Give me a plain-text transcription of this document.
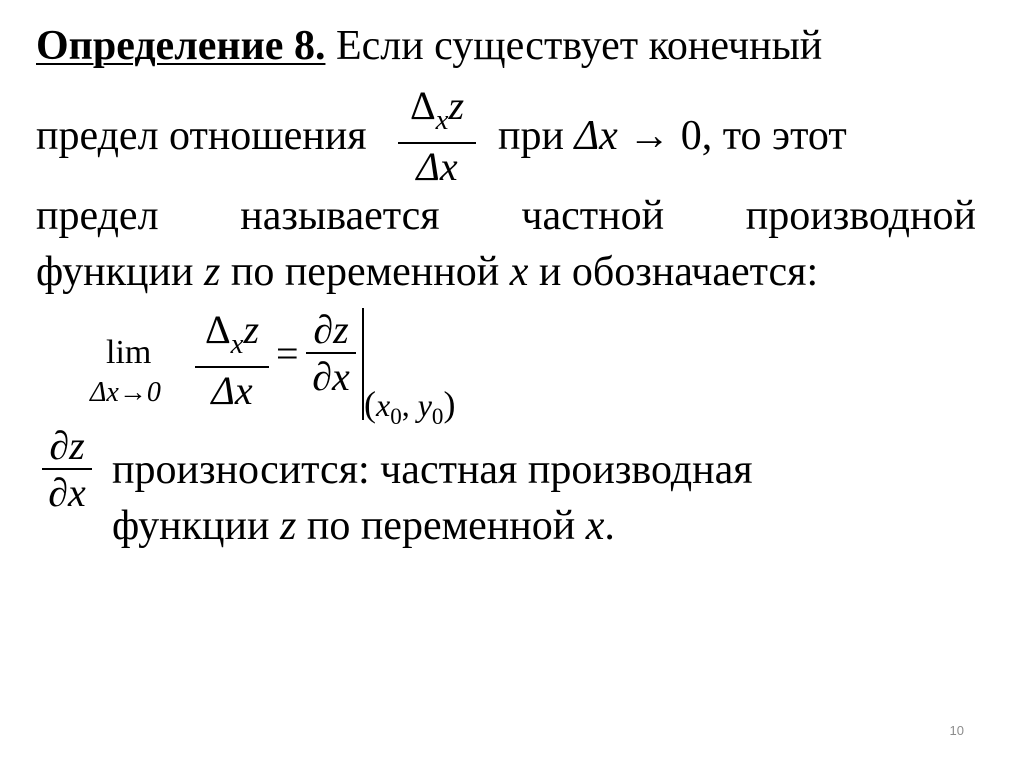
Определение 8. Если существует конечный
предел отношения
$\Delta_xz$
Δx
при Δx → 0, то этот
предел называется частной производной
функции z по переменной x и обозначается:
lim
Δx→0
$\Delta_xz$
Δx
=
∂z
∂x
($x_0$, $y_0$)
∂z
∂x произносится: частная производная
функции z по переменной x.
10
